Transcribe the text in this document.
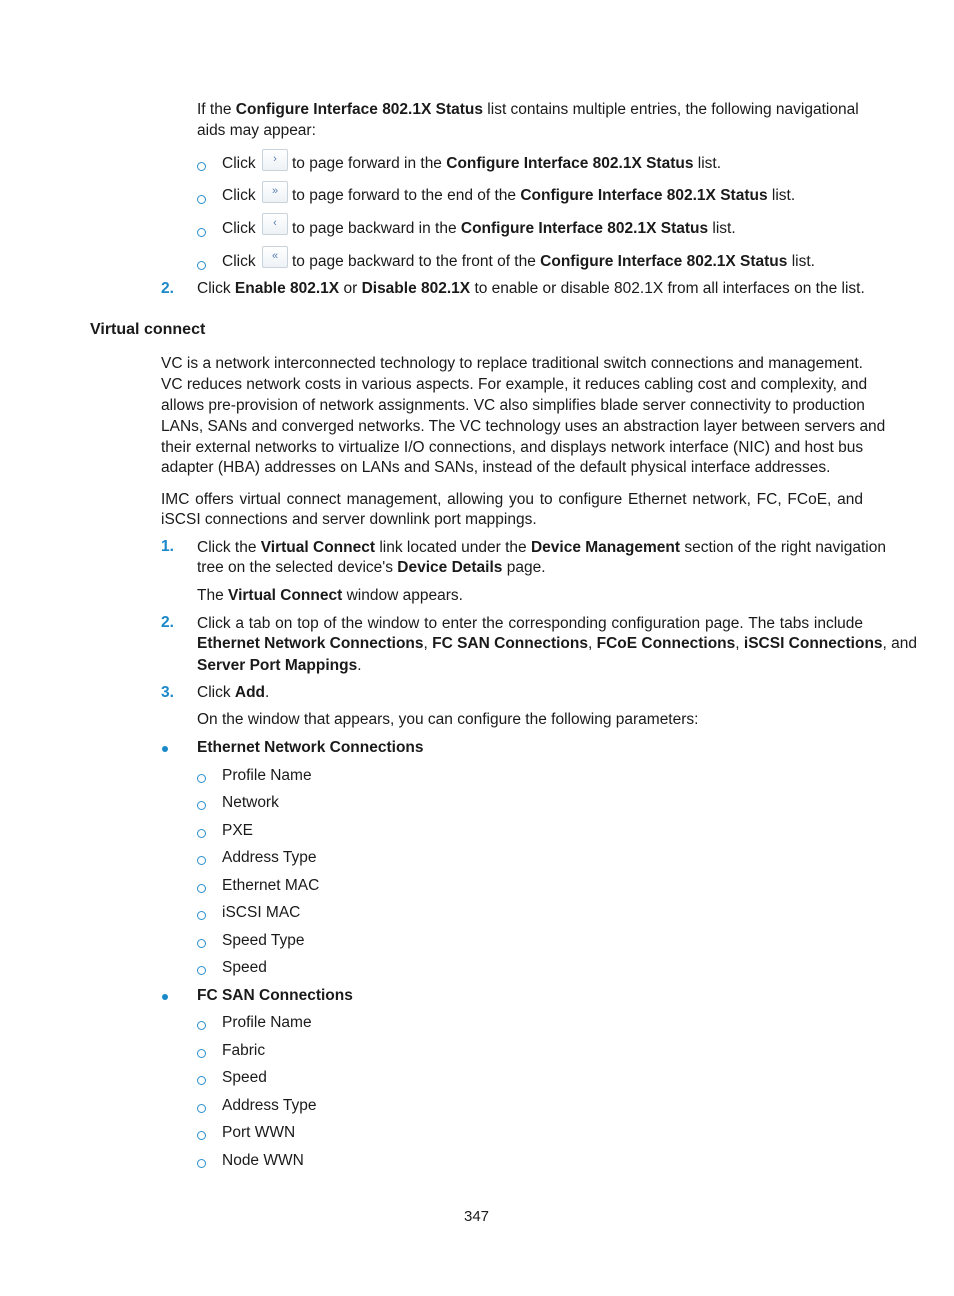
If the Configure Interface 802.1X Status list contains multiple entries, the following navigational
aids may appear:
Click	› to page forward in the Configure Interface 802.1X Status list.
Click	» to page forward to the end of the Configure Interface 802.1X Status list.
Click	‹ to page backward in the Configure Interface 802.1X Status list.
Click	« to page backward to the front of the Configure Interface 802.1X Status list.
2. Click Enable 802.1X or Disable 802.1X to enable or disable 802.1X from all interfaces on the list.
Virtual connect
VC is a network interconnected technology to replace traditional switch connections and management.
VC reduces network costs in various aspects. For example, it reduces cabling cost and complexity, and
allows pre-provision of network assignments. VC also simplifies blade server connectivity to production
LANs, SANs and converged networks. The VC technology uses an abstraction layer between servers and
their external networks to virtualize I/O connections, and displays network interface (NIC) and host bus
adapter (HBA) addresses on LANs and SANs, instead of the default physical interface addresses.
IMC offers virtual connect management, allowing you to configure Ethernet network, FC, FCoE, and
iSCSI connections and server downlink port mappings.
1. Click the Virtual Connect link located under the Device Management section of the right navigation
tree on the selected device's Device Details page.
The Virtual Connect window appears.
2. Click a tab on top of the window to enter the corresponding configuration page. The tabs include
Ethernet Network Connections, FC SAN Connections, FCoE Connections, iSCSI Connections, and
Server Port Mappings.
3. Click Add.
On the window that appears, you can configure the following parameters:
Ethernet Network Connections
Profile Name
Network
PXE
Address Type
Ethernet MAC
iSCSI MAC
Speed Type
Speed
FC SAN Connections
Profile Name
Fabric
Speed
Address Type
Port WWN
Node WWN
347
